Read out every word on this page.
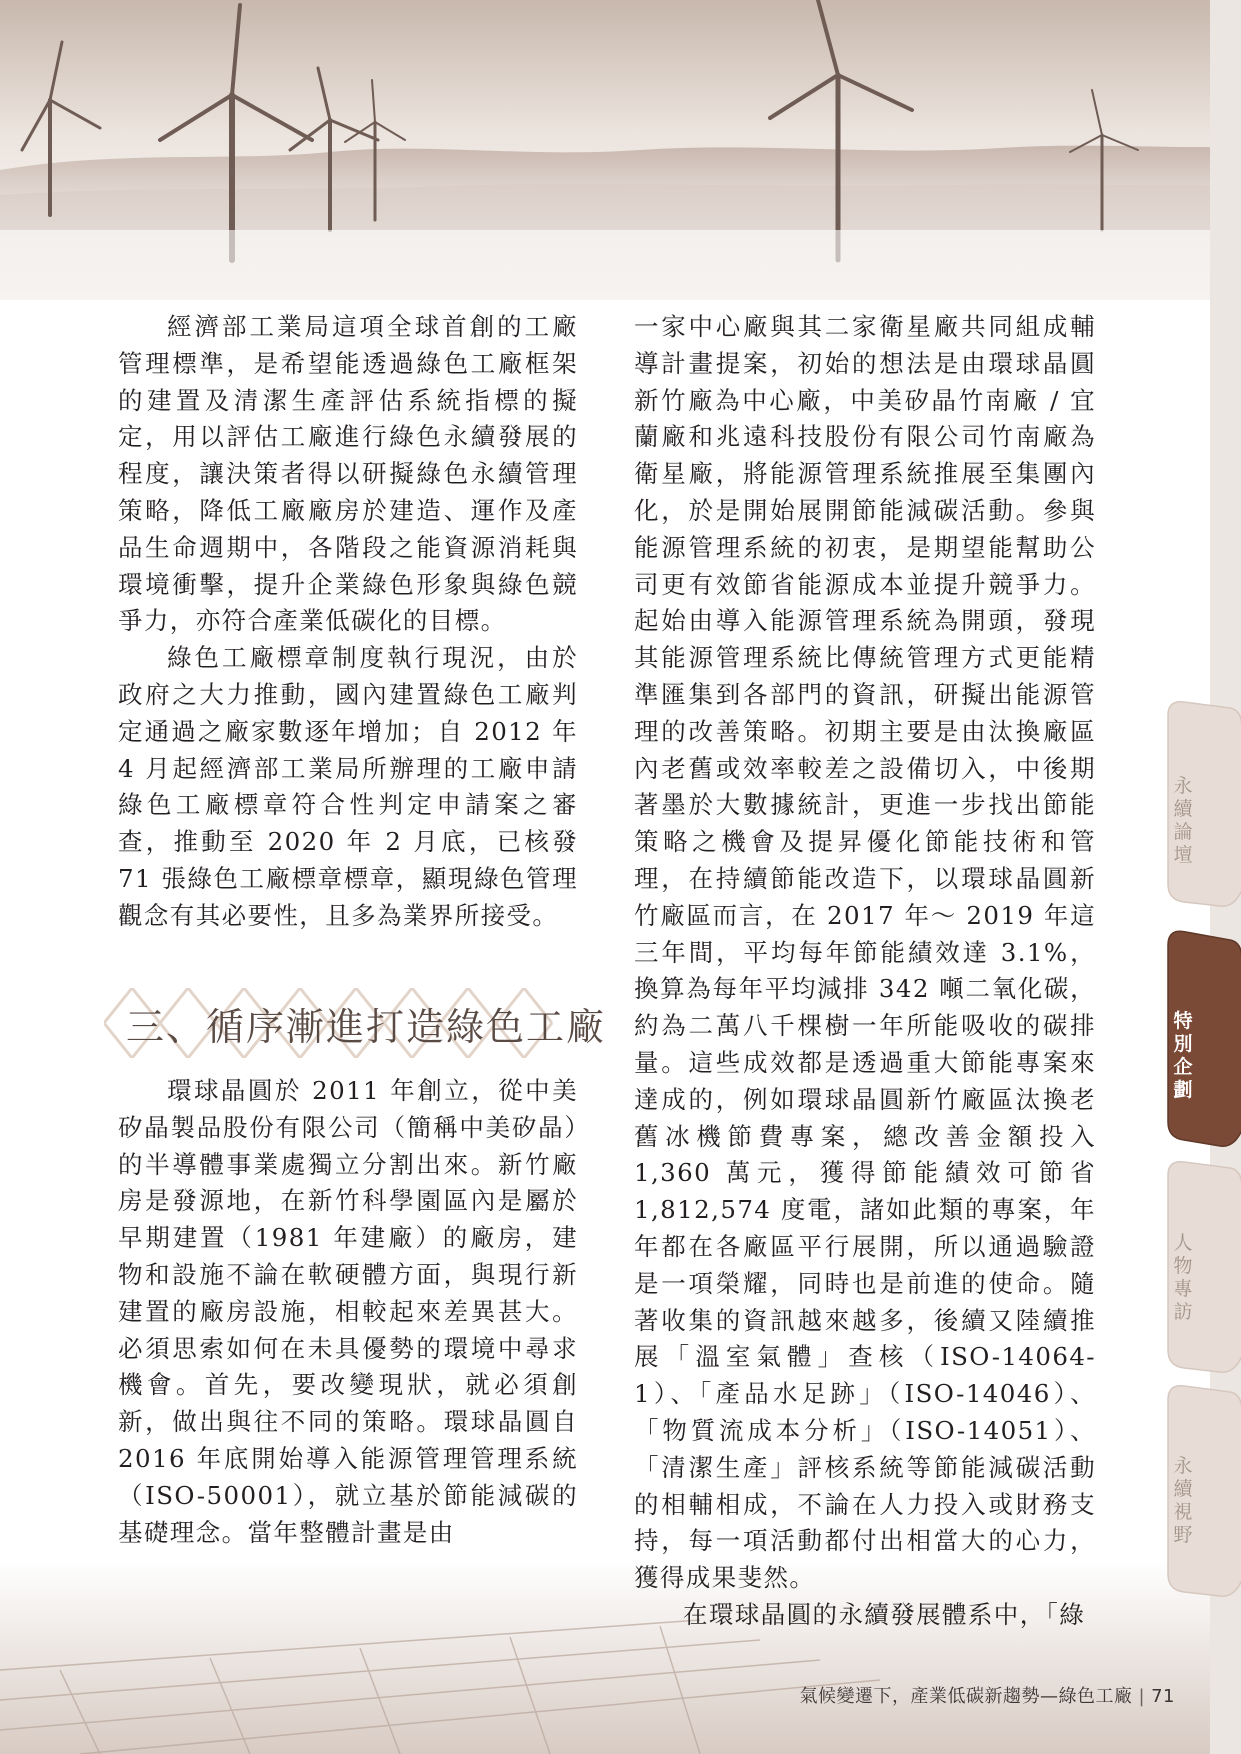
經濟部工業局這項全球首創的工廠管理標準，是希望能透過綠色工廠框架的建置及清潔生產評估系統指標的擬定，用以評估工廠進行綠色永續發展的程度，讓決策者得以研擬綠色永續管理策略，降低工廠廠房於建造、運作及產品生命週期中，各階段之能資源消耗與環境衝擊，提升企業綠色形象與綠色競爭力，亦符合產業低碳化的目標。

綠色工廠標章制度執行現況，由於政府之大力推動，國內建置綠色工廠判定通過之廠家數逐年增加；自 2012 年 4 月起經濟部工業局所辦理的工廠申請綠色工廠標章符合性判定申請案之審查，推動至 2020 年 2 月底，已核發 71 張綠色工廠標章標章，顯現綠色管理觀念有其必要性，且多為業界所接受。

三、循序漸進打造綠色工廠

環球晶圓於 2011 年創立，從中美矽晶製品股份有限公司（簡稱中美矽晶）的半導體事業處獨立分割出來。新竹廠房是發源地，在新竹科學園區內是屬於早期建置（1981 年建廠）的廠房，建物和設施不論在軟硬體方面，與現行新建置的廠房設施，相較起來差異甚大。必須思索如何在未具優勢的環境中尋求機會。首先，要改變現狀，就必須創新，做出與往不同的策略。環球晶圓自 2016 年底開始導入能源管理管理系統（ISO-50001），就立基於節能減碳的基礎理念。當年整體計畫是由

一家中心廠與其二家衛星廠共同組成輔導計畫提案，初始的想法是由環球晶圓新竹廠為中心廠，中美矽晶竹南廠 / 宜蘭廠和兆遠科技股份有限公司竹南廠為衛星廠，將能源管理系統推展至集團內化，於是開始展開節能減碳活動。參與能源管理系統的初衷，是期望能幫助公司更有效節省能源成本並提升競爭力。起始由導入能源管理系統為開頭，發現其能源管理系統比傳統管理方式更能精準匯集到各部門的資訊，研擬出能源管理的改善策略。初期主要是由汰換廠區內老舊或效率較差之設備切入，中後期著墨於大數據統計，更進一步找出節能策略之機會及提昇優化節能技術和管理，在持續節能改造下，以環球晶圓新竹廠區而言，在 2017 年～ 2019 年這三年間，平均每年節能績效達 3.1%，換算為每年平均減排 342 噸二氧化碳，約為二萬八千棵樹一年所能吸收的碳排量。這些成效都是透過重大節能專案來達成的，例如環球晶圓新竹廠區汰換老舊冰機節費專案，總改善金額投入 1,360 萬元，獲得節能績效可節省 1,812,574 度電，諸如此類的專案，年年都在各廠區平行展開，所以通過驗證是一項榮耀，同時也是前進的使命。隨著收集的資訊越來越多，後續又陸續推展「溫室氣體」查核（ISO-14064-1）、「產品水足跡」（ISO-14046）、「物質流成本分析」（ISO-14051）、「清潔生產」評核系統等節能減碳活動的相輔相成，不論在人力投入或財務支持，每一項活動都付出相當大的心力，獲得成果斐然。

在環球晶圓的永續發展體系中，「綠

永
續
論
壇
特
別
企
劃
人
物
專
訪
永
續
視
野
氣候變遷下，產業低碳新趨勢—綠色工廠 | 71
